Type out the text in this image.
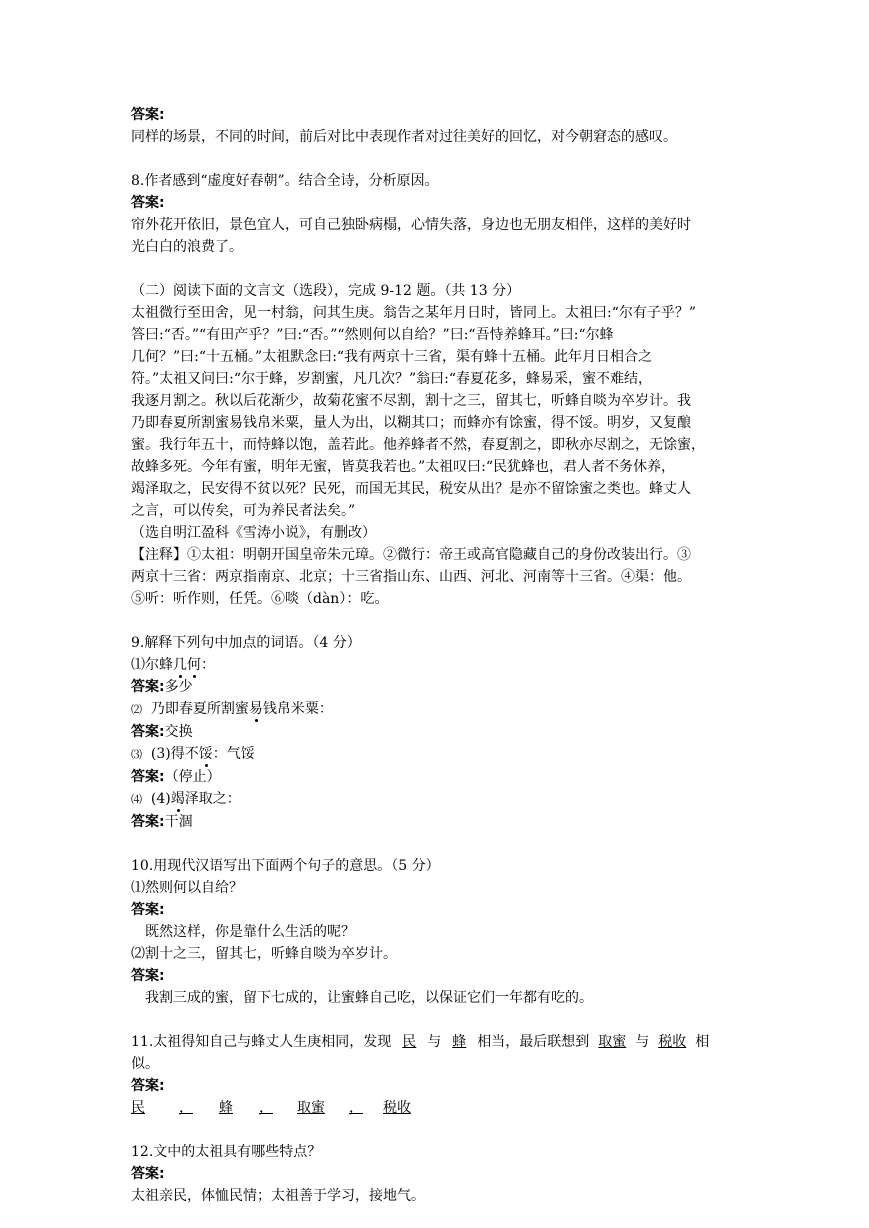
答案:

同样的场景，不同的时间，前后对比中表现作者对过往美好的回忆，对今朝窘态的感叹。

8.作者感到“虚度好春朝”。结合全诗，分析原因。

答案:

帘外花开依旧，景色宜人，可自己独卧病榻，心情失落，身边也无朋友相伴，这样的美好时

光白白的浪费了。

（二）阅读下面的文言文（选段），完成 9-12 题。（共 13 分）

太祖微行至田舍，见一村翁，问其生庚。翁告之某年月日时，皆同上。太祖曰:“尔有子乎？”

答曰:“否。”“有田产乎？”曰:“否。”“然则何以自给？”曰:“吾恃养蜂耳。”曰:“尔蜂

几何？”曰:“十五桶。”太祖默念曰:“我有两京十三省，渠有蜂十五桶。此年月日相合之

符。”太祖又问曰:“尔于蜂，岁割蜜，凡几次？”翁曰:“春夏花多，蜂易采，蜜不难结，

我逐月割之。秋以后花渐少，故菊花蜜不尽割，割十之三，留其七，听蜂自啖为卒岁计。我

乃即春夏所割蜜易钱帛米粟，量人为出，以糊其口；而蜂亦有馀蜜，得不馁。明岁，又复酿

蜜。我行年五十，而恃蜂以饱，盖若此。他养蜂者不然，春夏割之，即秋亦尽割之，无馀蜜，

故蜂多死。今年有蜜，明年无蜜，皆莫我若也。”太祖叹曰:“民犹蜂也，君人者不务休养，

竭泽取之，民安得不贫以死？民死，而国无其民，税安从出？是亦不留馀蜜之类也。蜂丈人

之言，可以传矣，可为养民者法矣。”

（选自明江盈科《雪涛小说》，有删改）

【注释】①太祖：明朝开国皇帝朱元璋。②微行：帝王或高官隐藏自己的身份改装出行。③

两京十三省：两京指南京、北京；十三省指山东、山西、河北、河南等十三省。④渠：他。

⑤听：听作则，任凭。⑥啖（dàn）：吃。

9.解释下列句中加点的词语。（4 分）

⑴尔蜂几何：

答案:多少

⑵  乃即春夏所割蜜易钱帛米粟：

答案:交换

⑶  (3)得不馁：气馁

答案:（停止）

⑷  (4)竭泽取之：

答案:干涸

10.用现代汉语写出下面两个句子的意思。（5 分）

⑴然则何以自给？

答案:

既然这样，你是靠什么生活的呢？

⑵割十之三，留其七，听蜂自啖为卒岁计。

答案:

我割三成的蜜，留下七成的，让蜜蜂自己吃，以保证它们一年都有吃的。

11.太祖得知自己与蜂丈人生庚相同，发现 民 与 蜂 相当，最后联想到 取蜜 与 税收 相

似。

答案:

民	，	蜂	，	取蜜	，	税收

12.文中的太祖具有哪些特点？

答案:

太祖亲民，体恤民情；太祖善于学习，接地气。
